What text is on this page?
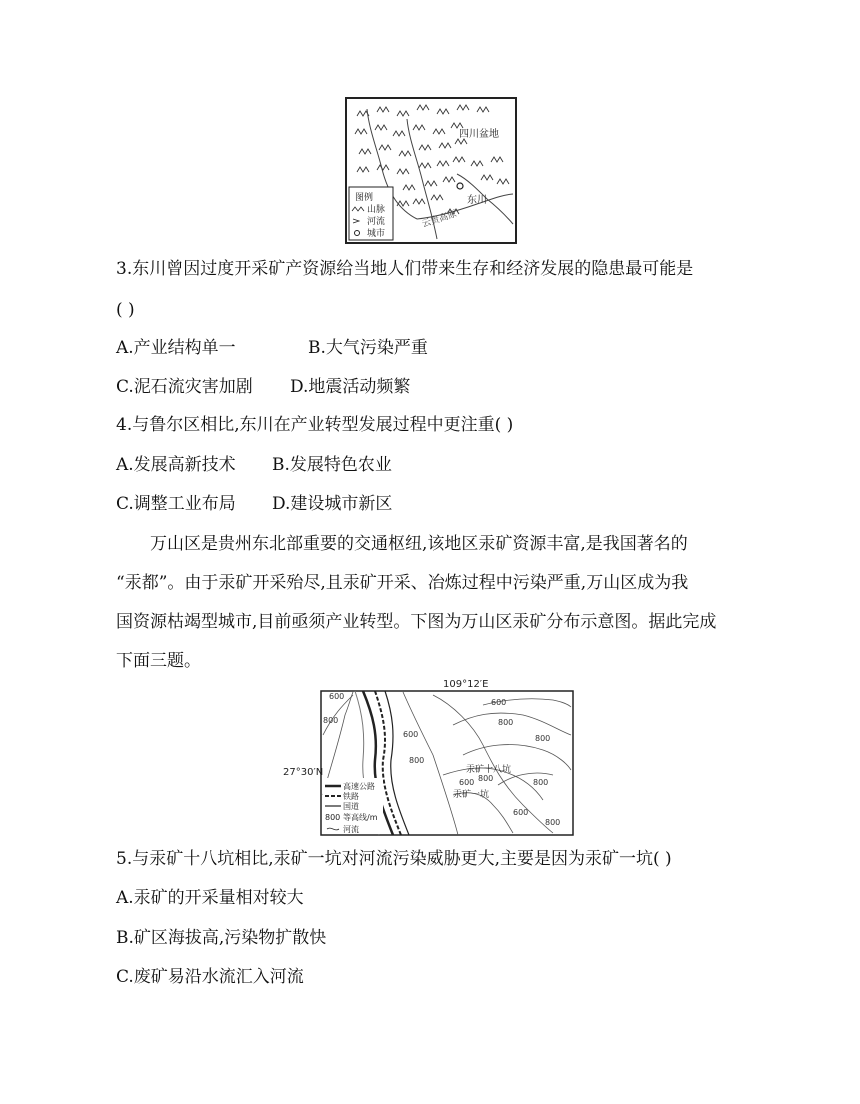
四川盆地
东川
云贵高原
图例
山脉
河流
城市
3.东川曾因过度开采矿产资源给当地人们带来生存和经济发展的隐患最可能是
( )
A.产业结构单一	B.大气污染严重
C.泥石流灾害加剧 D.地震活动频繁
4.与鲁尔区相比,东川在产业转型发展过程中更注重( )
A.发展高新技术 B.发展特色农业
C.调整工业布局 D.建设城市新区
万山区是贵州东北部重要的交通枢纽,该地区汞矿资源丰富,是我国著名的
“汞都”。由于汞矿开采殆尽,且汞矿开采、冶炼过程中污染严重,万山区成为我
国资源枯竭型城市,目前亟须产业转型。下图为万山区汞矿分布示意图。据此完成
下面三题。
109°12′E
27°30′N
600
800
600
800
600	800
800
600 800	800
600
800
汞矿十八坑
汞矿一坑
高速公路
铁路
国道
800 等高线/m
河流
5.与汞矿十八坑相比,汞矿一坑对河流污染威胁更大,主要是因为汞矿一坑( )
A.汞矿的开采量相对较大
B.矿区海拔高,污染物扩散快
C.废矿易沿水流汇入河流
